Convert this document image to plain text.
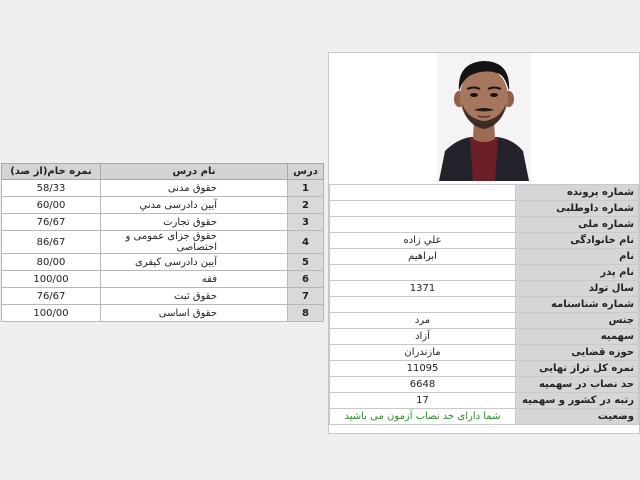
نمره خام(از صد)	نام درس	درس
58/33	حقوق مدنی	1
60/00	آیین دادرسی مدني	2
76/67	حقوق تجارت	3
86/67	حقوق جزای عمومی و اختصاصی	4
80/00	آیین دادرسی کیفری	5
100/00	فقه	6
76/67	حقوق ثبت	7
100/00	حقوق اساسی	8
	شماره پرونده
	شماره داوطلبی
	شماره ملی
علي زاده	نام خانوادگی
ابراهیم	نام
	نام پدر
1371	سال تولد
	شماره شناسنامه
مرد	جنس
آزاد	سهمیه
مازندران	حوزه قضایی
11095	نمره کل تراز نهایی
6648	حد نصاب در سهمیه
17	رتبه در کشور و سهمیه
شما دارای حد نصاب آزمون می باشید	وضعیت
